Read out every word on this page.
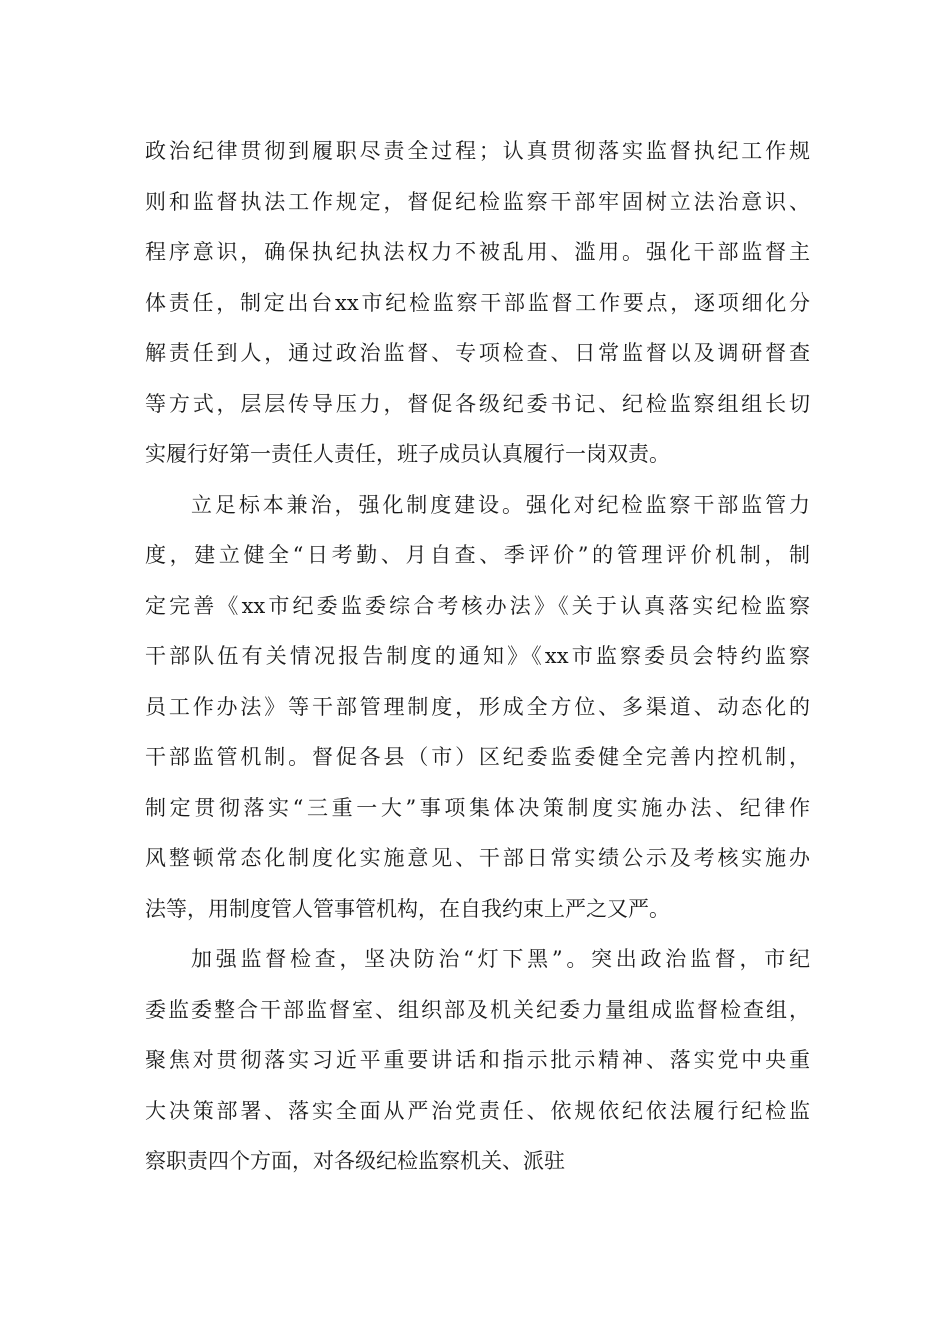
政治纪律贯彻到履职尽责全过程；认真贯彻落实监督执纪工作规

则和监督执法工作规定，督促纪检监察干部牢固树立法治意识、

程序意识，确保执纪执法权力不被乱用、滥用。强化干部监督主

体责任，制定出台xx市纪检监察干部监督工作要点，逐项细化分

解责任到人，通过政治监督、专项检查、日常监督以及调研督查

等方式，层层传导压力，督促各级纪委书记、纪检监察组组长切

实履行好第一责任人责任，班子成员认真履行一岗双责。

立足标本兼治，强化制度建设。强化对纪检监察干部监管力

度，建立健全“日考勤、月自查、季评价”的管理评价机制，制

定完善《xx市纪委监委综合考核办法》《关于认真落实纪检监察

干部队伍有关情况报告制度的通知》《xx市监察委员会特约监察

员工作办法》等干部管理制度，形成全方位、多渠道、动态化的

干部监管机制。督促各县（市）区纪委监委健全完善内控机制，

制定贯彻落实“三重一大”事项集体决策制度实施办法、纪律作

风整顿常态化制度化实施意见、干部日常实绩公示及考核实施办

法等，用制度管人管事管机构，在自我约束上严之又严。

加强监督检查，坚决防治“灯下黑”。突出政治监督，市纪

委监委整合干部监督室、组织部及机关纪委力量组成监督检查组，

聚焦对贯彻落实习近平重要讲话和指示批示精神、落实党中央重

大决策部署、落实全面从严治党责任、依规依纪依法履行纪检监

察职责四个方面，对各级纪检监察机关、派驻
